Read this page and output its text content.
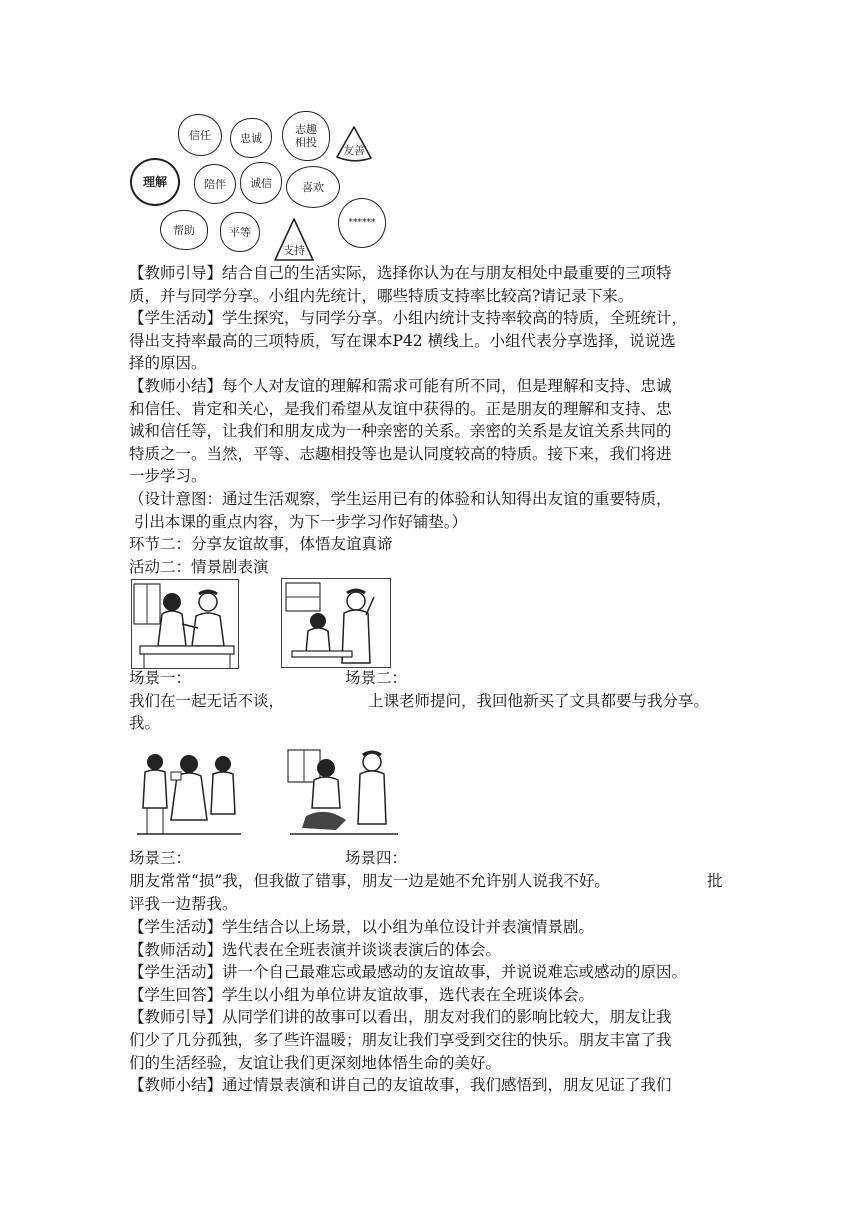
信任	忠诚
志趣
相投
友善
理解	陪伴	诚信	喜欢
帮助	平等
支持
******
【教师引导】结合自己的生活实际，选择你认为在与朋友相处中最重要的三项特
质，并与同学分享。小组内先统计，哪些特质支持率比较高?请记录下来。
【学生活动】学生探究，与同学分享。小组内统计支持率较高的特质，全班统计，
得出支持率最高的三项特质，写在课本P42 横线上。小组代表分享选择，说说选
择的原因。
【教师小结】每个人对友谊的理解和需求可能有所不同，但是理解和支持、忠诚
和信任、肯定和关心，是我们希望从友谊中获得的。正是朋友的理解和支持、忠
诚和信任等，让我们和朋友成为一种亲密的关系。亲密的关系是友谊关系共同的
特质之一。当然，平等、志趣相投等也是认同度较高的特质。接下来，我们将进
一步学习。
（设计意图：通过生活观察，学生运用已有的体验和认知得出友谊的重要特质，
引出本课的重点内容，为下一步学习作好铺垫。）
环节二：分享友谊故事，体悟友谊真谛
活动二：情景剧表演
场景一：	场景二：
我们在一起无话不谈，	上课老师提问，我回他新买了文具都要与我分享。
我。
场景三：	场景四：
朋友常常“损”我，但我做了错事，朋友一边是她不允许别人说我不好。	批
评我一边帮我。
【学生活动】学生结合以上场景，以小组为单位设计并表演情景剧。
【教师活动】选代表在全班表演并谈谈表演后的体会。
【学生活动】讲一个自己最难忘或最感动的友谊故事，并说说难忘或感动的原因。
【学生回答】学生以小组为单位讲友谊故事，选代表在全班谈体会。
【教师引导】从同学们讲的故事可以看出，朋友对我们的影响比较大，朋友让我
们少了几分孤独，多了些许温暖；朋友让我们享受到交往的快乐。朋友丰富了我
们的生活经验，友谊让我们更深刻地体悟生命的美好。
【教师小结】通过情景表演和讲自己的友谊故事，我们感悟到，朋友见证了我们
